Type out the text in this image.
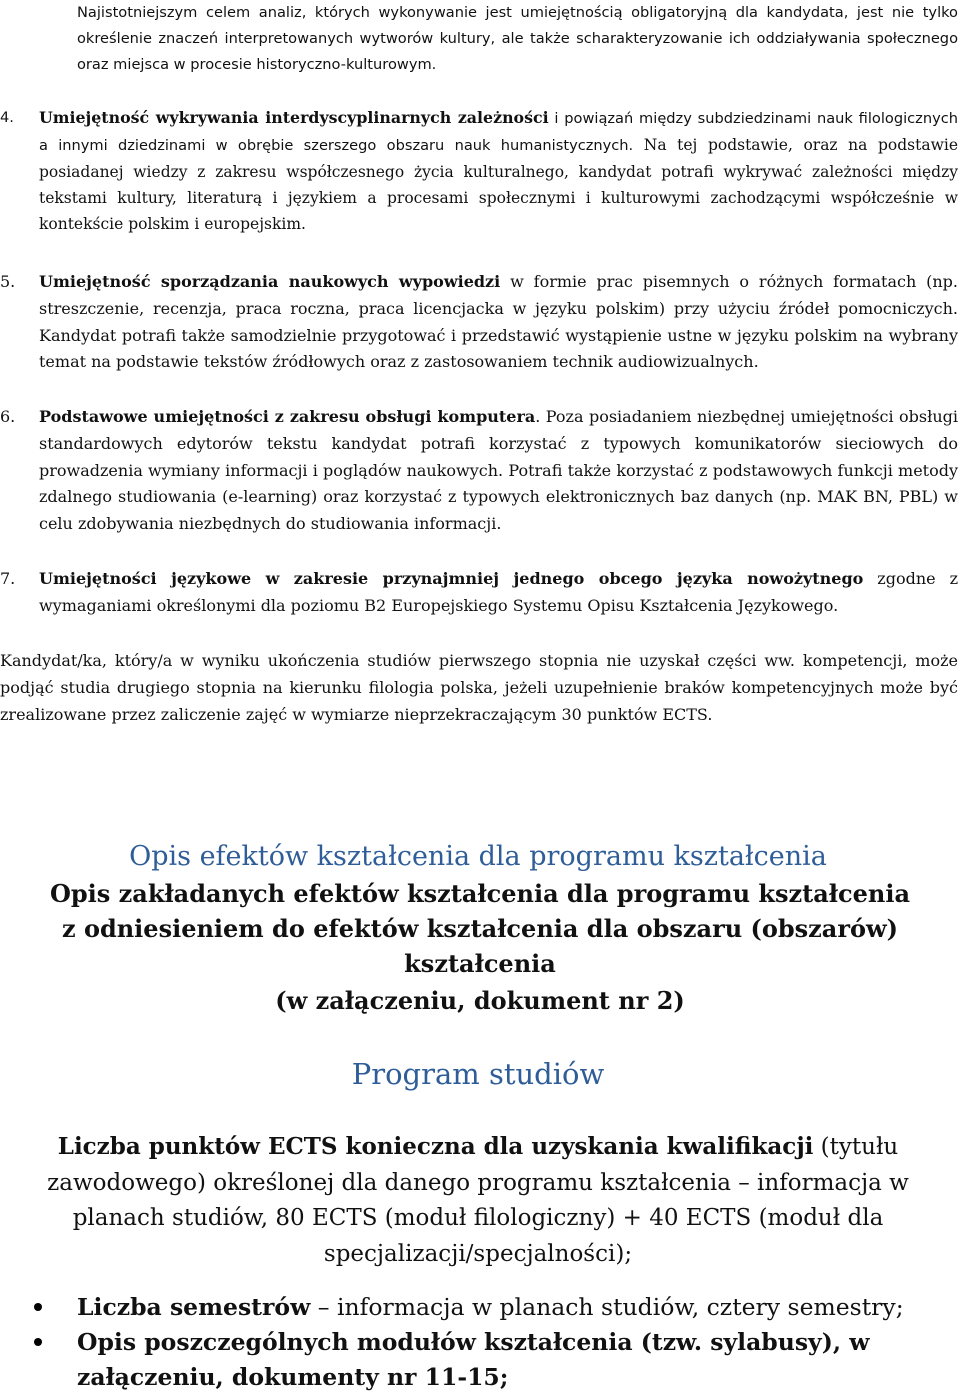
Najistotniejszym celem analiz, których wykonywanie jest umiejętnością obligatoryjną dla kandydata, jest nie tylko określenie znaczeń interpretowanych wytworów kultury, ale także scharakteryzowanie ich oddziaływania społecznego oraz miejsca w procesie historyczno-kulturowym.
4. Umiejętność wykrywania interdyscyplinarnych zależności i powiązań między subdziedzinami nauk filologicznych a innymi dziedzinami w obrębie szerszego obszaru nauk humanistycznych. Na tej podstawie, oraz na podstawie posiadanej wiedzy z zakresu współczesnego życia kulturalnego, kandydat potrafi wykrywać zależności między tekstami kultury, literaturą i językiem a procesami społecznymi i kulturowymi zachodzącymi współcześnie w kontekście polskim i europejskim.

5. Umiejętność sporządzania naukowych wypowiedzi w formie prac pisemnych o różnych formatach (np. streszczenie, recenzja, praca roczna, praca licencjacka w języku polskim) przy użyciu źródeł pomocniczych. Kandydat potrafi także samodzielnie przygotować i przedstawić wystąpienie ustne w języku polskim na wybrany temat na podstawie tekstów źródłowych oraz z zastosowaniem technik audiowizualnych.

6. Podstawowe umiejętności z zakresu obsługi komputera. Poza posiadaniem niezbędnej umiejętności obsługi standardowych edytorów tekstu kandydat potrafi korzystać z typowych komunikatorów sieciowych do prowadzenia wymiany informacji i poglądów naukowych. Potrafi także korzystać z podstawowych funkcji metody zdalnego studiowania (e-learning) oraz korzystać z typowych elektronicznych baz danych (np. MAK BN, PBL) w celu zdobywania niezbędnych do studiowania informacji.

7. Umiejętności językowe w zakresie przynajmniej jednego obcego języka nowożytnego zgodne z wymaganiami określonymi dla poziomu B2 Europejskiego Systemu Opisu Kształcenia Językowego.

Kandydat/ka, który/a w wyniku ukończenia studiów pierwszego stopnia nie uzyskał części ww. kompetencji, może podjąć studia drugiego stopnia na kierunku filologia polska, jeżeli uzupełnienie braków kompetencyjnych może być zrealizowane przez zaliczenie zajęć w wymiarze nieprzekraczającym 30 punktów ECTS.
Opis efektów kształcenia dla programu kształcenia
Opis zakładanych efektów kształcenia dla programu kształcenia
z odniesieniem do efektów kształcenia dla obszaru (obszarów) kształcenia
(w załączeniu, dokument nr 2)
Program studiów
Liczba punktów ECTS konieczna dla uzyskania kwalifikacji (tytułu zawodowego) określonej dla danego programu kształcenia – informacja w planach studiów, 80 ECTS (moduł filologiczny) + 40 ECTS (moduł dla specjalizacji/specjalności);

Liczba semestrów – informacja w planach studiów, cztery semestry;

Opis poszczególnych modułów kształcenia (tzw. sylabusy), w załączeniu, dokumenty nr 11-15;
